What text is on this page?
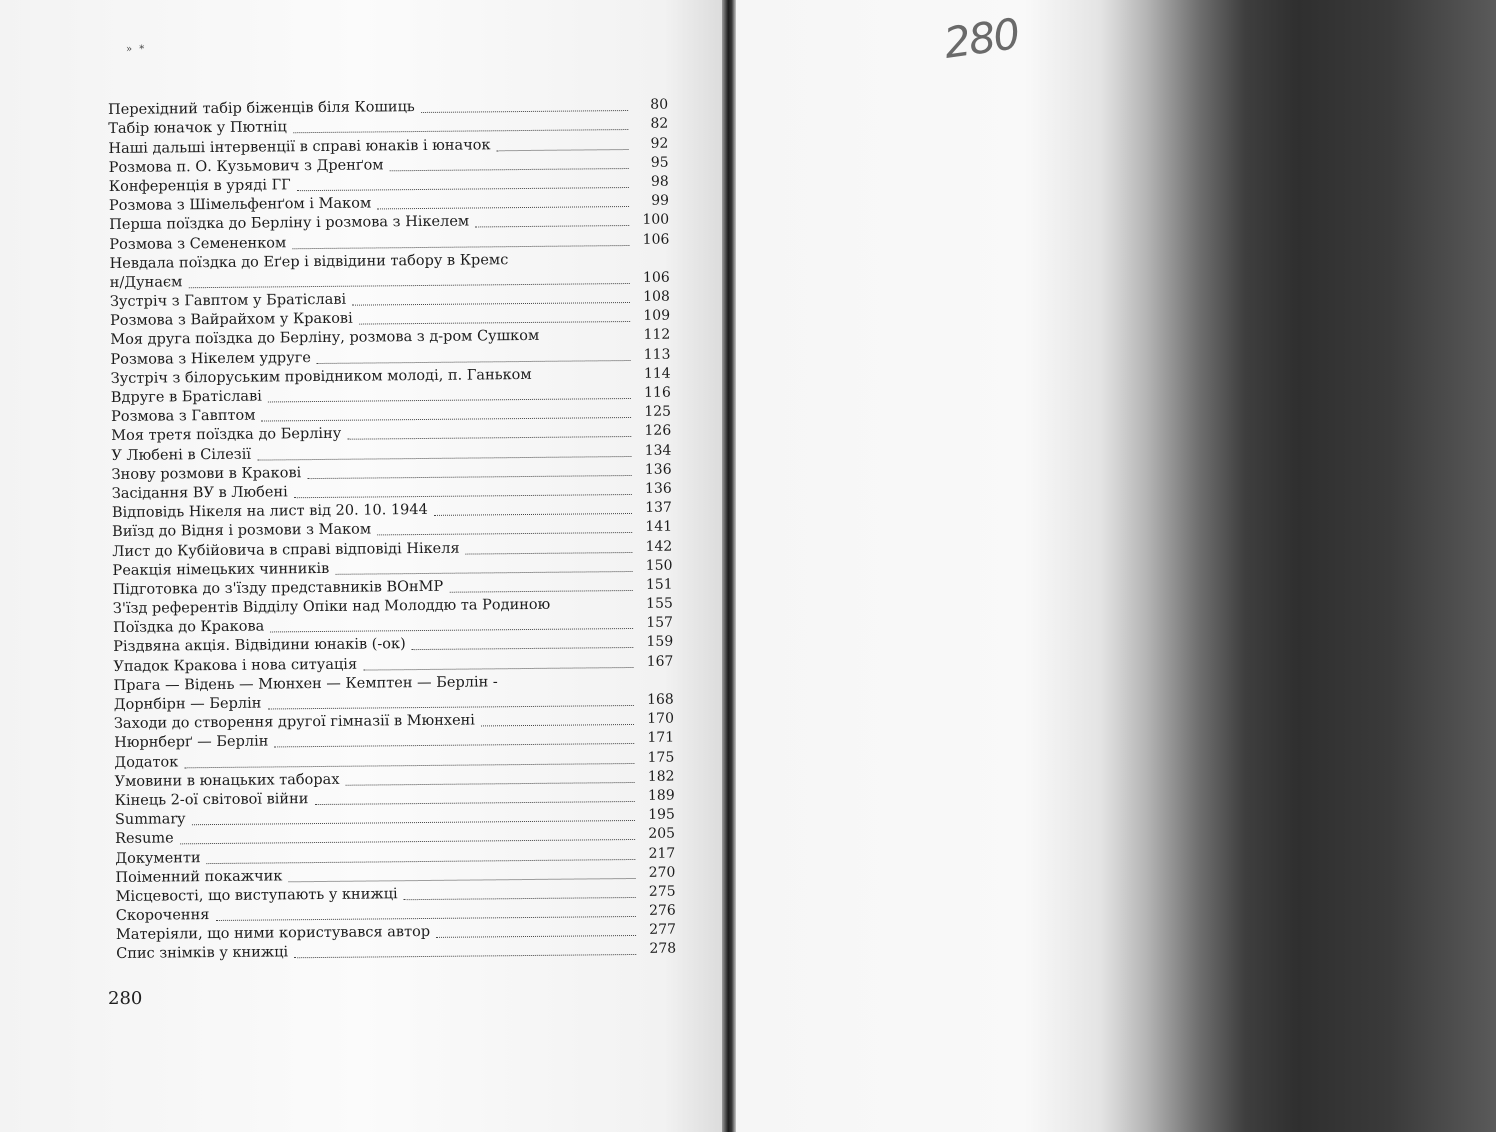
» *
Перехідний табір біженців біля Кошиць	80
Табір юначок у Пютніц	82
Наші дальші інтервенції в справі юнаків і юначок	92
Розмова п. О. Кузьмович з Дренґом	95
Конференція в уряді ГГ	98
Розмова з Шімельфенґом і Маком	99
Перша поїздка до Берліну і розмова з Нікелем	100
Розмова з Семененком	106
Невдала поїздка до Еґер і відвідини табору в Кремс
н/Дунаєм	106
Зустріч з Гавптом у Братіславі	108
Розмова з Вайрайхом у Кракові	109
Моя друга поїздка до Берліну, розмова з д-ром Сушком	112
Розмова з Нікелем удруге	113
Зустріч з білоруським провідником молоді, п. Ганьком	114
Вдруге в Братіславі	116
Розмова з Гавптом	125
Моя третя поїздка до Берліну	126
У Любені в Сілезії	134
Знову розмови в Кракові	136
Засідання ВУ в Любені	136
Відповідь Нікеля на лист від 20. 10. 1944	137
Виїзд до Відня і розмови з Маком	141
Лист до Кубійовича в справі відповіді Нікеля	142
Реакція німецьких чинників	150
Підготовка до з'їзду представників ВОнМР	151
З'їзд референтів Відділу Опіки над Молоддю та Родиною	155
Поїздка до Кракова	157
Різдвяна акція. Відвідини юнаків (-ок)	159
Упадок Кракова і нова ситуація	167
Прага — Відень — Мюнхен — Кемптен — Берлін -
Дорнбірн — Берлін	168
Заходи до створення другої гімназії в Мюнхені	170
Нюрнберґ — Берлін	171
Додаток	175
Умовини в юнацьких таборах	182
Кінець 2-ої світової війни	189
Summary	195
Resume	205
Документи	217
Поіменний покажчик	270
Місцевості, що виступають у книжці	275
Скорочення	276
Матеріяли, що ними користувався автор	277
Спис знімків у книжці	278
280
280
